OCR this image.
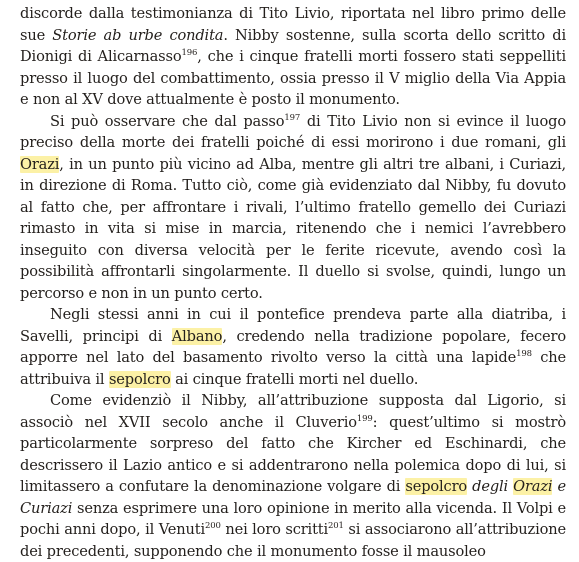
discorde dalla testimonianza di Tito Livio, riportata nel libro primo delle sue Storie ab urbe condita. Nibby sostenne, sulla scorta dello scritto di Dionigi di Alicarnasso$^{196}$, che i cinque fratelli morti fossero stati seppelliti presso il luogo del combattimento, ossia presso il V miglio della Via Appia e non al XV dove attualmente è posto il monumento.

Si può osservare che dal passo$^{197}$ di Tito Livio non si evince il luogo preciso della morte dei fratelli poiché di essi morirono i due romani, gli Orazi, in un punto più vicino ad Alba, mentre gli altri tre albani, i Curiazi, in direzione di Roma. Tutto ciò, come già evidenziato dal Nibby, fu dovuto al fatto che, per affrontare i rivali, l’ultimo fratello gemello dei Curiazi rimasto in vita si mise in marcia, ritenendo che i nemici l’avrebbero inseguito con diversa velocità per le ferite ricevute, avendo così la possibilità affrontarli singolarmente. Il duello si svolse, quindi, lungo un percorso e non in un punto certo.

Negli stessi anni in cui il pontefice prendeva parte alla diatriba, i Savelli, principi di Albano, credendo nella tradizione popolare, fecero apporre nel lato del basamento rivolto verso la città una lapide$^{198}$ che attribuiva il sepolcro ai cinque fratelli morti nel duello.

Come evidenziò il Nibby, all’attribuzione supposta dal Ligorio, si associò nel XVII secolo anche il Cluverio$^{199}$: quest’ultimo si mostrò particolarmente sorpreso del fatto che Kircher ed Eschinardi, che descrissero il Lazio antico e si addentrarono nella polemica dopo di lui, si limitassero a confutare la denominazione volgare di sepolcro degli Orazi e Curiazi senza esprimere una loro opinione in merito alla vicenda. Il Volpi e pochi anni dopo, il Venuti$^{200}$ nei loro scritti$^{201}$ si associarono all’attribuzione dei precedenti, supponendo che il monumento fosse il mausoleo
